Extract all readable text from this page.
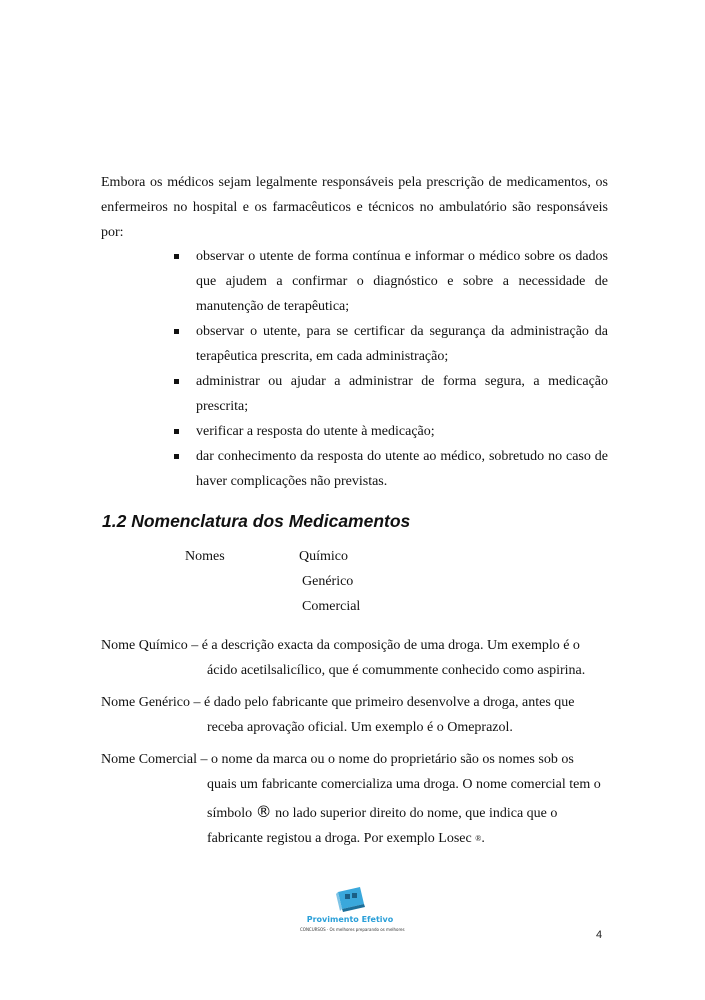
Embora os médicos sejam legalmente responsáveis pela prescrição de medicamentos, os
enfermeiros no hospital e os farmacêuticos e técnicos no ambulatório são responsáveis
por:
observar o utente de forma contínua e informar o médico sobre os dados
que ajudem a confirmar o diagnóstico e sobre a necessidade de
manutenção de terapêutica;
observar o utente, para se certificar da segurança da administração da
terapêutica prescrita, em cada administração;
administrar ou ajudar a administrar de forma segura, a medicação
prescrita;
verificar a resposta do utente à medicação;
dar conhecimento da resposta do utente ao médico, sobretudo no caso de
haver complicações não previstas.
1.2 Nomenclatura dos Medicamentos
Nomes	Químico
Genérico
Comercial
Nome Químico – é a descrição exacta da composição de uma droga. Um exemplo é o
ácido acetilsalicílico, que é comummente conhecido como aspirina.
Nome Genérico – é dado pelo fabricante que primeiro desenvolve a droga, antes que
receba aprovação oficial. Um exemplo é o Omeprazol.
Nome Comercial – o nome da marca ou o nome do proprietário são os nomes sob os
quais um fabricante comercializa uma droga. O nome comercial tem o
símbolo ® no lado superior direito do nome, que indica que o
fabricante registou a droga. Por exemplo Losec ®.
Provimento Efetivo
CONCURSOS · Os melhores preparando os melhores	4
